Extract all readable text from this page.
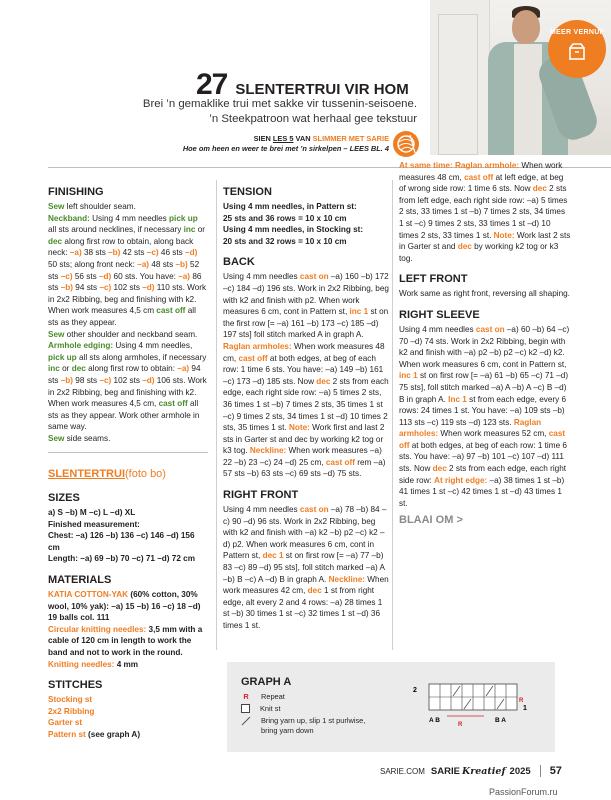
MEER VERNUF
27 SLENTERTRUI VIR HOM
Brei ’n gemaklike trui met sakke vir tussenin-seisoene.
’n Steekpatroon wat herhaal gee tekstuur
SIEN LES 5 VAN SLIMMER MET SARIE
Hoe om heen en weer te brei met ’n sirkelpen – LEES BL. 4
FINISHING
Sew left shoulder seam.
Neckband: Using 4 mm needles pick up all sts around necklines, if necessary inc or dec along first row to obtain, along back neck: –a) 38 sts –b) 42 sts –c) 46 sts –d) 50 sts; along front neck: –a) 48 sts –b) 52 sts –c) 56 sts –d) 60 sts. You have: –a) 86 sts –b) 94 sts –c) 102 sts –d) 110 sts. Work in 2x2 Ribbing, beg and finishing with k2. When work measures 4,5 cm cast off all sts as they appear.
Sew other shoulder and neckband seam.
Armhole edging: Using 4 mm needles, pick up all sts along armholes, if necessary inc or dec along first row to obtain: –a) 94 sts –b) 98 sts –c) 102 sts –d) 106 sts. Work in 2x2 Ribbing, beg and finishing with k2. When work measures 4,5 cm, cast off all sts as they appear. Work other armhole in same way.
Sew side seams.
SLENTERTRUI(foto bo)
SIZES
a) S –b) M –c) L –d) XL
Finished measurement:
Chest: –a) 126 –b) 136 –c) 146 –d) 156 cm
Length: –a) 69 –b) 70 –c) 71 –d) 72 cm
MATERIALS
KATIA COTTON-YAK (60% cotton, 30% wool, 10% yak): –a) 15 –b) 16 –c) 18 –d) 19 balls col. 111
Circular knitting needles: 3,5 mm with a cable of 120 cm in length to work the band and not to work in the round.
Knitting needles: 4 mm
STITCHES
Stocking st
2x2 Ribbing
Garter st
Pattern st (see graph A)
TENSION
Using 4 mm needles, in Pattern st:
25 sts and 36 rows = 10 x 10 cm
Using 4 mm needles, in Stocking st:
20 sts and 32 rows = 10 x 10 cm
BACK
Using 4 mm needles cast on –a) 160 –b) 172 –c) 184 –d) 196 sts. Work in 2x2 Ribbing, beg with k2 and finish with p2. When work measures 6 cm, cont in Pattern st, inc 1 st on the first row [= –a) 161 –b) 173 –c) 185 –d) 197 sts] foll stitch marked A in graph A. Raglan armholes: When work measures 48 cm, cast off at both edges, at beg of each row: 1 time 6 sts. You have: –a) 149 –b) 161 –c) 173 –d) 185 sts. Now dec 2 sts from each edge, each right side row: –a) 5 times 2 sts, 36 times 1 st –b) 7 times 2 sts, 35 times 1 st –c) 9 times 2 sts, 34 times 1 st –d) 10 times 2 sts, 35 times 1 st. Note: Work first and last 2 sts in Garter st and dec by working k2 tog or k3 tog. Neckline: When work measures –a) 22 –b) 23 –c) 24 –d) 25 cm, cast off rem –a) 57 sts –b) 63 sts –c) 69 sts –d) 75 sts.
RIGHT FRONT
Using 4 mm needles cast on –a) 78 –b) 84 –c) 90 –d) 96 sts. Work in 2x2 Ribbing, beg with k2 and finish with –a) k2 –b) p2 –c) k2 –d) p2. When work measures 6 cm, cont in Pattern st, dec 1 st on first row [= –a) 77 –b) 83 –c) 89 –d) 95 sts], foll stitch marked –a) A –b) B –c) A –d) B in graph A. Neckline: When work measures 42 cm, dec 1 st from right edge, alt every 2 and 4 rows: –a) 28 times 1 st –b) 30 times 1 st –c) 32 times 1 st –d) 36 times 1 st.
At same time: Raglan armhole: When work measures 48 cm, cast off at left edge, at beg of wrong side row: 1 time 6 sts. Now dec 2 sts from left edge, each right side row: –a) 5 times 2 sts, 33 times 1 st –b) 7 times 2 sts, 34 times 1 st –c) 9 times 2 sts, 33 times 1 st –d) 10 times 2 sts, 33 times 1 st. Note: Work last 2 sts in Garter st and dec by working k2 tog or k3 tog.
LEFT FRONT
Work same as right front, reversing all shaping.
RIGHT SLEEVE
Using 4 mm needles cast on –a) 60 –b) 64 –c) 70 –d) 74 sts. Work in 2x2 Ribbing, begin with k2 and finish with –a) p2 –b) p2 –c) k2 –d) k2. When work measures 6 cm, cont in Pattern st, inc 1 st on first row [= –a) 61 –b) 65 –c) 71 –d) 75 sts], foll stitch marked –a) A –b) A –c) B –d) B in graph A. Inc 1 st from each edge, every 6 rows: 24 times 1 st. You have: –a) 109 sts –b) 113 sts –c) 119 sts –d) 123 sts. Raglan armholes: When work measures 52 cm, cast off at both edges, at beg of each row: 1 time 6 sts. You have: –a) 97 –b) 101 –c) 107 –d) 111 sts. Now dec 2 sts from each edge, each right side row: At right edge: –a) 38 times 1 st –b) 41 times 1 st –c) 42 times 1 st –d) 43 times 1 st.
BLAAI OM >
GRAPH A
R Repeat
Knit st
Bring yarn up, slip 1 st purlwise,
bring yarn down
2
1
R
A B	B A
R
SARIE.COM SARIE Kreatief 2025 57
PassionForum.ru
